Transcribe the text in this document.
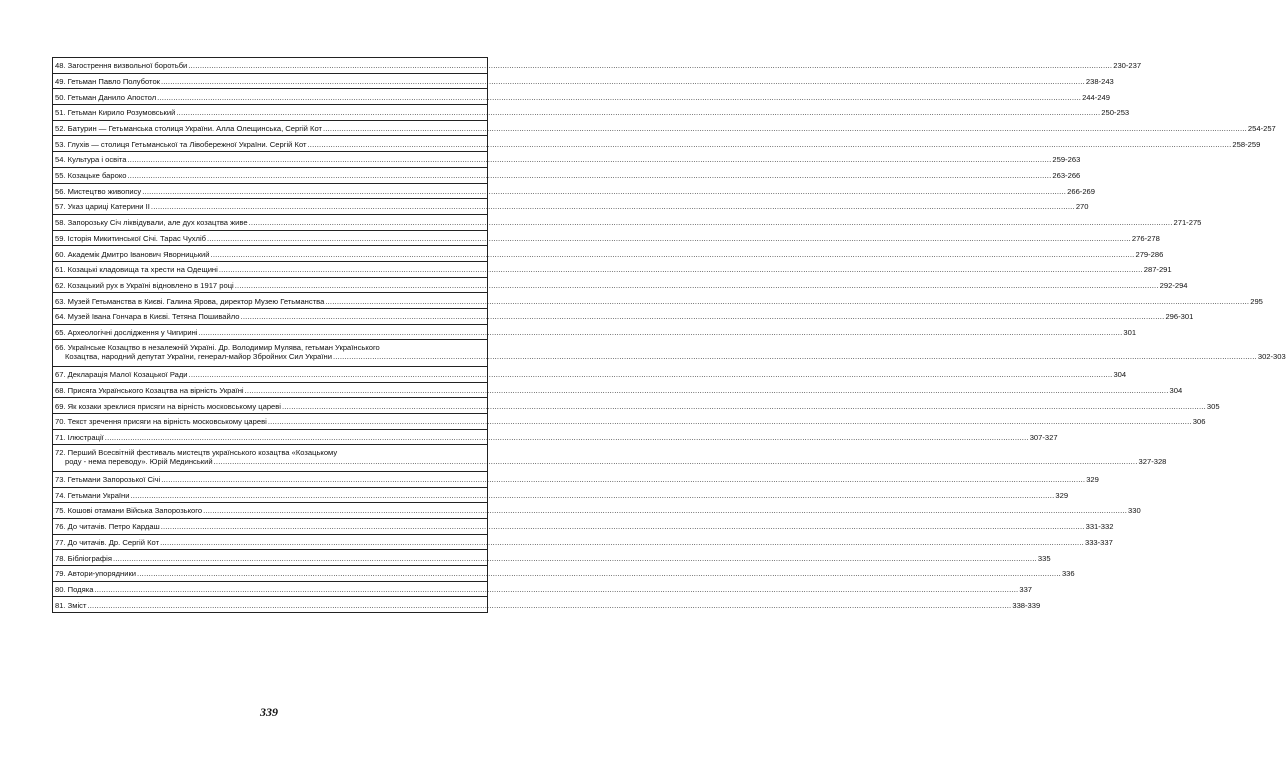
48. Загострення визвольної боротьби ................................................................................................................................................................................................................................................................................................................................................................................................................ 230-237
49. Гетьман Павло Полуботок ................................................................................................................................................................................................................................................................................................................................................................................................................ 238-243
50. Гетьман Данило Апостол ................................................................................................................................................................................................................................................................................................................................................................................................................ 244-249
51. Гетьман Кирило Розумовський ................................................................................................................................................................................................................................................................................................................................................................................................................ 250-253
52. Батурин — Гетьманська столиця України. Алла Олещинська, Сергій Кот ................................................................................................................................................................................................................................................................................................................................................................................................................ 254-257
53. Глухів — столиця Гетьманської та Лівобережної України. Сергій Кот ................................................................................................................................................................................................................................................................................................................................................................................................................ 258-259
54. Культура і освіта ................................................................................................................................................................................................................................................................................................................................................................................................................ 259-263
55. Козацьке бароко ................................................................................................................................................................................................................................................................................................................................................................................................................ 263-266
56. Мистецтво живопису ................................................................................................................................................................................................................................................................................................................................................................................................................ 266-269
57. Указ цариці Катерини ІІ ................................................................................................................................................................................................................................................................................................................................................................................................................ 270
58. Запорозьку Січ ліквідували, але дух козацтва живе ................................................................................................................................................................................................................................................................................................................................................................................................................ 271-275
59. Історія Микитинської Січі. Тарас Чухліб ................................................................................................................................................................................................................................................................................................................................................................................................................ 276-278
60. Академік Дмитро Іванович Яворницький ................................................................................................................................................................................................................................................................................................................................................................................................................ 279-286
61. Козацькі кладовища та хрести на Одещині ................................................................................................................................................................................................................................................................................................................................................................................................................ 287-291
62. Козацький рух в Україні відновлено в 1917 році ................................................................................................................................................................................................................................................................................................................................................................................................................ 292-294
63. Музей Гетьманства в Києві. Галина Ярова, директор Музею Гетьманства ................................................................................................................................................................................................................................................................................................................................................................................................................ 295
64. Музей Івана Гончара в Києві. Тетяна Пошивайло ................................................................................................................................................................................................................................................................................................................................................................................................................ 296-301
65. Археологічні дослідження у Чигирині ................................................................................................................................................................................................................................................................................................................................................................................................................ 301
66. Українське Козацтво в незалежній Україні. Др. Володимир Мулява, гетьман Українського
Козацтва, народний депутат України, генерал-майор Збройних Сил України ................................................................................................................................................................................................................................................................................................................................................................................................................ 302-303
67. Декларація Малої Козацької Ради ................................................................................................................................................................................................................................................................................................................................................................................................................ 304
68. Присяга Українського Козацтва на вірність Україні ................................................................................................................................................................................................................................................................................................................................................................................................................ 304
69. Як козаки зреклися присяги на вірність московському цареві ................................................................................................................................................................................................................................................................................................................................................................................................................ 305
70. Текст зречення присяги на вірність московському цареві ................................................................................................................................................................................................................................................................................................................................................................................................................ 306
71. Ілюстрації ................................................................................................................................................................................................................................................................................................................................................................................................................ 307-327
72. Перший Всесвітній фестиваль мистецтв українського козацтва «Козацькому
роду - нема переводу». Юрій Мединський ................................................................................................................................................................................................................................................................................................................................................................................................................ 327-328
73. Гетьмани Запорозької Січі ................................................................................................................................................................................................................................................................................................................................................................................................................ 329
74. Гетьмани України ................................................................................................................................................................................................................................................................................................................................................................................................................ 329
75. Кошові отамани Війська Запорозького ................................................................................................................................................................................................................................................................................................................................................................................................................ 330
76. До читачів. Петро Кардаш ................................................................................................................................................................................................................................................................................................................................................................................................................ 331-332
77. До читачів. Др. Сергій Кот ................................................................................................................................................................................................................................................................................................................................................................................................................ 333-337
78. Бібліографія ................................................................................................................................................................................................................................................................................................................................................................................................................ 335
79. Автори-упорядники ................................................................................................................................................................................................................................................................................................................................................................................................................ 336
80. Подяка ................................................................................................................................................................................................................................................................................................................................................................................................................ 337
81. Зміст ................................................................................................................................................................................................................................................................................................................................................................................................................ 338-339
339
